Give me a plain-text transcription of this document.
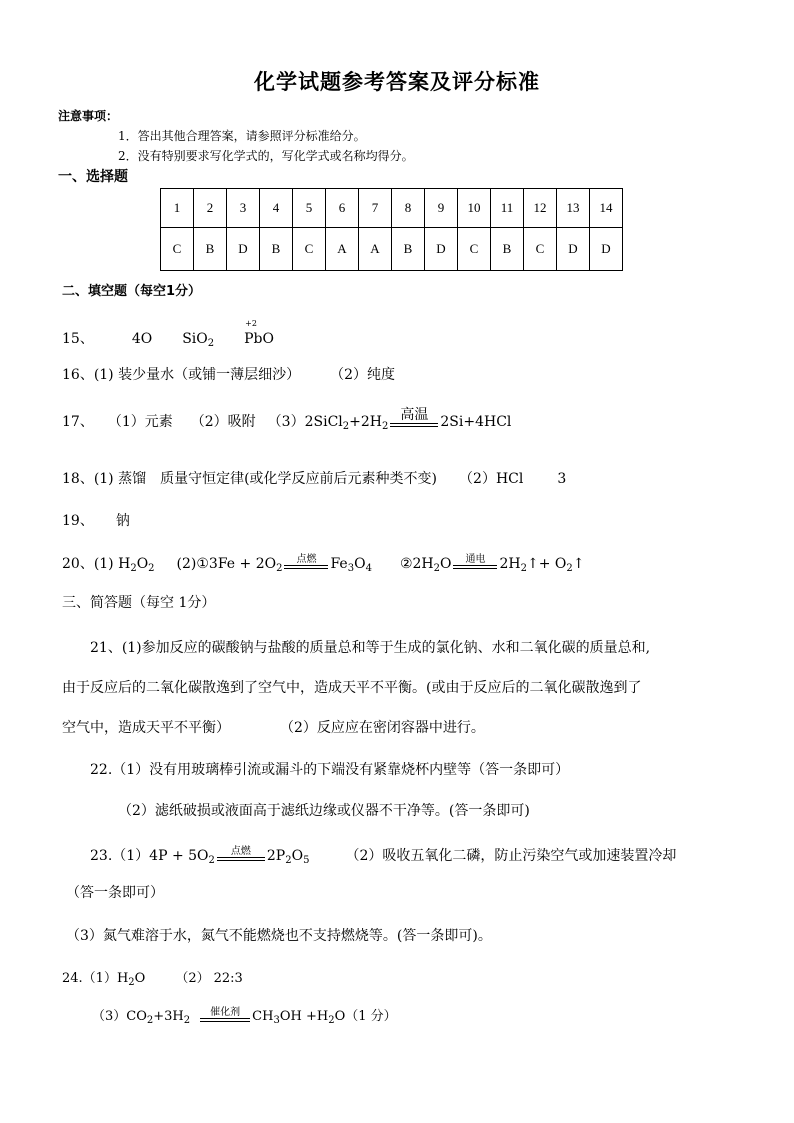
化学试题参考答案及评分标准
注意事项：
1．答出其他合理答案，请参照评分标准给分。
2．没有特别要求写化学式的，写化学式或名称均得分。
一、选择题
1	2	3	4	5	6	7	8	9	10	11	12	13	14
C	B	D	B	C	A	A	B	D	C	B	C	D	D
二、填空题（每空1分）
15、	4O SiO$_2$
+2
PbO
16、(1) 装少量水（或铺一薄层细沙） （2）纯度
17、 （1）元素 （2）吸附 $(3)2SiCl_2+2H_2$
高温 2Si+4HCl
18、(1) 蒸馏　质量守恒定律(或化学反应前后元素种类不变) （2）HCl 3
19、 钠
20、(1) $H_2O_2$ (2)①3Fe + $2O_2$
点燃	$Fe_3O_4$ $②2H_2O$	通电	$2H_2↑+$ $O_2↑$
三、简答题（每空 1分）
21、(1)参加反应的碳酸钠与盐酸的质量总和等于生成的氯化钠、水和二氧化碳的质量总和,
由于反应后的二氧化碳散逸到了空气中，造成天平不平衡。(或由于反应后的二氧化碳散逸到了
空气中，造成天平不平衡）	（2）反应应在密闭容器中进行。
22.（1）没有用玻璃棒引流或漏斗的下端没有紧靠烧杯内壁等（答一条即可）
（2）滤纸破损或液面高于滤纸边缘或仪器不干净等。(答一条即可)
$23.(1)4P + 5O_2$
点燃	$2P_2O_5$	（2）吸收五氧化二磷，防止污染空气或加速装置冷却
（答一条即可）
（3）氮气难溶于水，氮气不能燃烧也不支持燃烧等。(答一条即可)。
$24.(1)H_2O$ （2） 22:3
$(3)CO_2+3H_2$
催化剂 $CH_3OH +H_2O(1$ 分）
